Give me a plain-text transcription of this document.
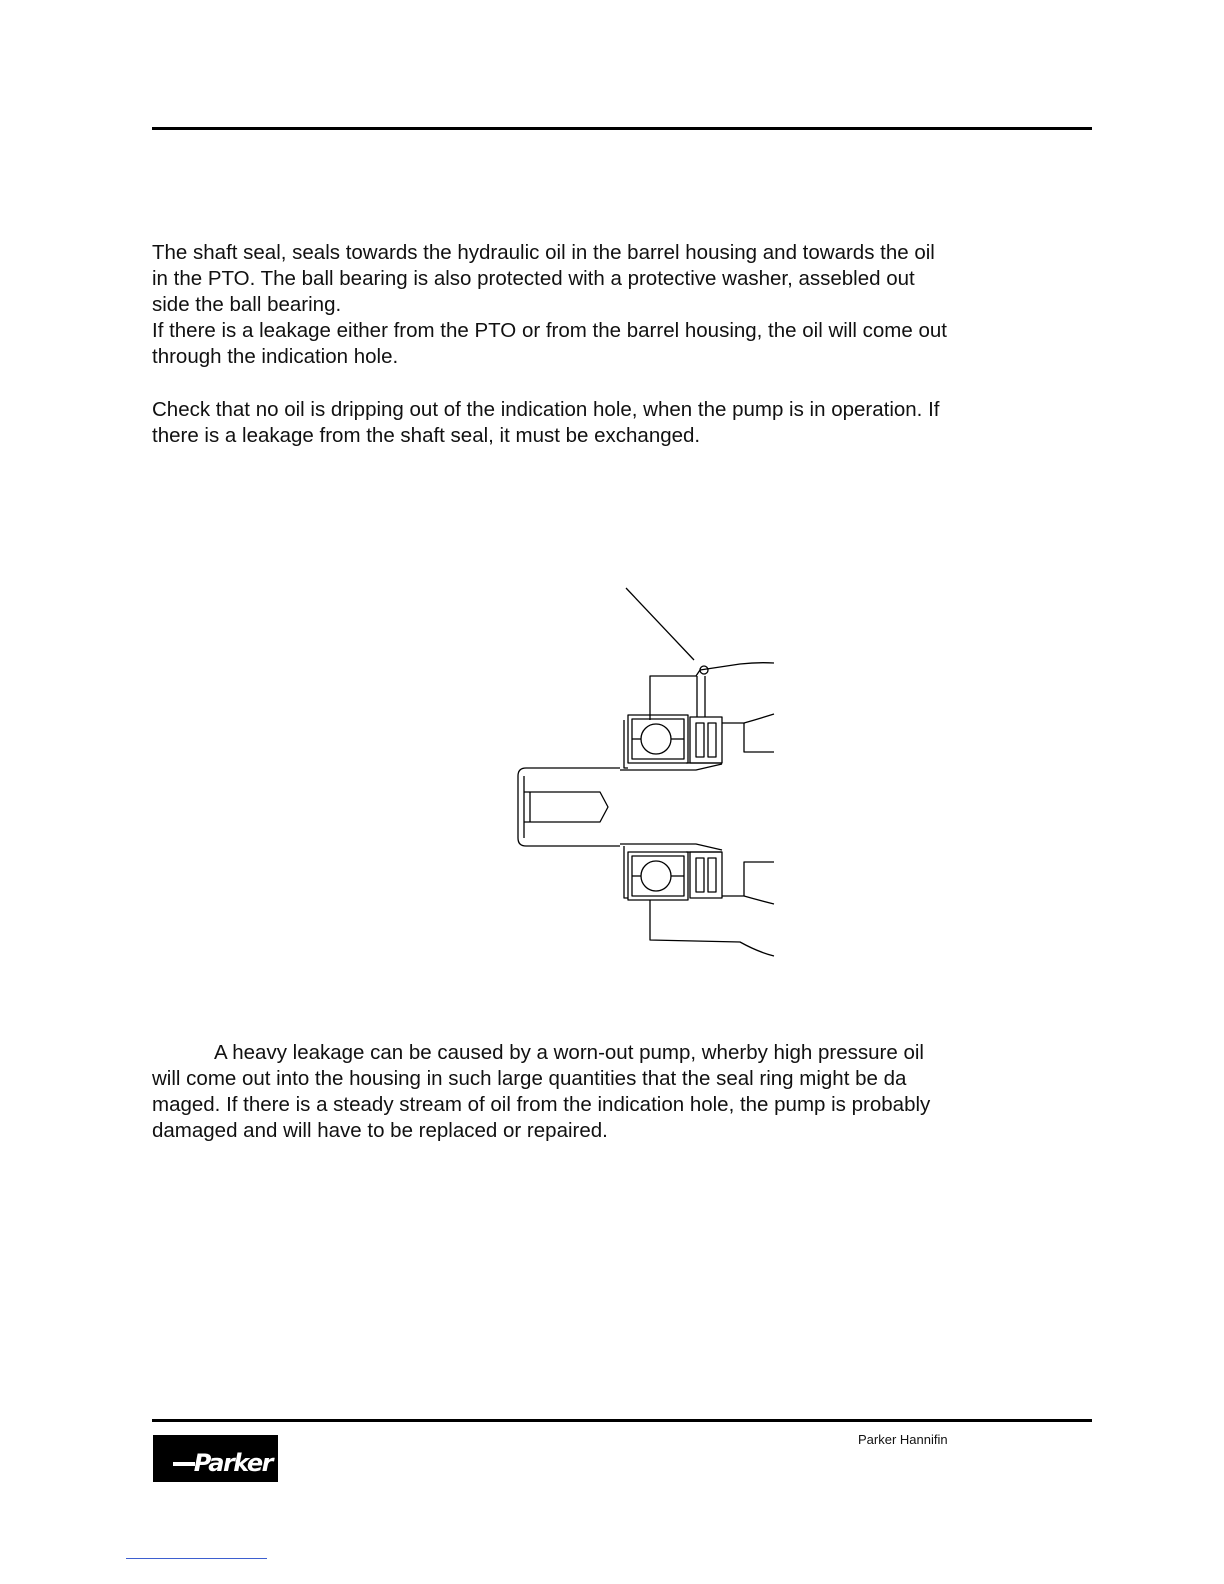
The shaft seal, seals towards the hydraulic oil in the barrel housing and towards the oil
in the PTO. The ball bearing is also protected with a protective washer, assebled out
side the ball bearing.
If there is a leakage either from the PTO or from the barrel housing, the oil will come out
through the indication hole.
Check that no oil is dripping out of the indication hole, when the pump is in operation. If
there is a leakage from the shaft seal, it must be exchanged.
A heavy leakage can be caused by a worn-out pump, wherby high pressure oil
will come out into the housing in such large quantities that the seal ring might be da
maged. If there is a steady stream of oil from the indication hole, the pump is probably
damaged and will have to be replaced or repaired.
Parker
Parker Hannifin
